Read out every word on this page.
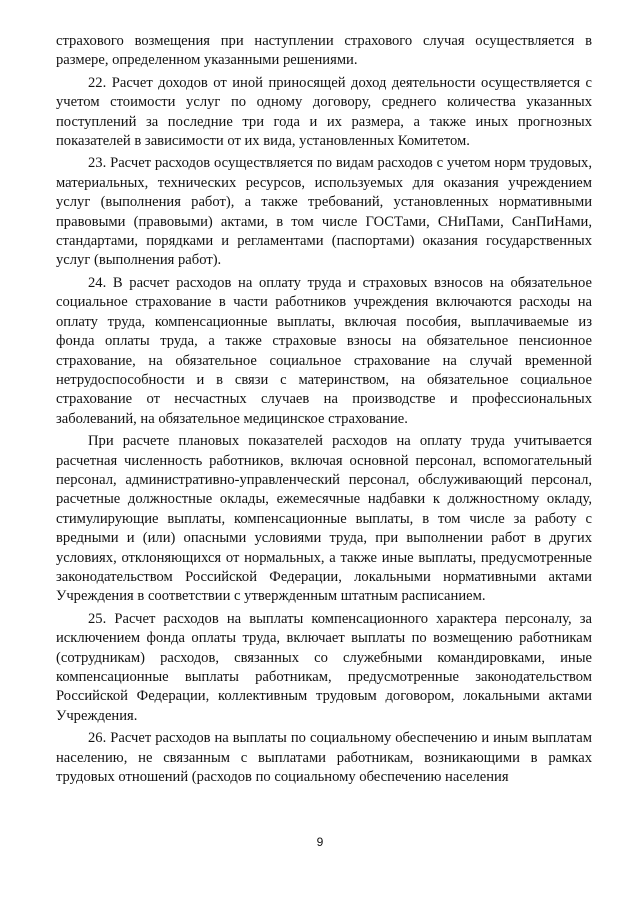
страхового возмещения при наступлении страхового случая осуществляется в размере, определенном указанными решениями.

22. Расчет доходов от иной приносящей доход деятельности осуществляется с учетом стоимости услуг по одному договору, среднего количества указанных поступлений за последние три года и их размера, а также иных прогнозных показателей в зависимости от их вида, установленных Комитетом.

23. Расчет расходов осуществляется по видам расходов с учетом норм трудовых, материальных, технических ресурсов, используемых для оказания учреждением услуг (выполнения работ), а также требований, установленных нормативными правовыми (правовыми) актами, в том числе ГОСТами, СНиПами, СанПиНами, стандартами, порядками и регламентами (паспортами) оказания государственных услуг (выполнения работ).

24. В расчет расходов на оплату труда и страховых взносов на обязательное социальное страхование в части работников учреждения включаются расходы на оплату труда, компенсационные выплаты, включая пособия, выплачиваемые из фонда оплаты труда, а также страховые взносы на обязательное пенсионное страхование, на обязательное социальное страхование на случай временной нетрудоспособности и в связи с материнством, на обязательное социальное страхование от несчастных случаев на производстве и профессиональных заболеваний, на обязательное медицинское страхование.

При расчете плановых показателей расходов на оплату труда учитывается расчетная численность работников, включая основной персонал, вспомогательный персонал, административно-управленческий персонал, обслуживающий персонал, расчетные должностные оклады, ежемесячные надбавки к должностному окладу, стимулирующие выплаты, компенсационные выплаты, в том числе за работу с вредными и (или) опасными условиями труда, при выполнении работ в других условиях, отклоняющихся от нормальных, а также иные выплаты, предусмотренные законодательством Российской Федерации, локальными нормативными актами Учреждения в соответствии с утвержденным штатным расписанием.

25. Расчет расходов на выплаты компенсационного характера персоналу, за исключением фонда оплаты труда, включает выплаты по возмещению работникам (сотрудникам) расходов, связанных со служебными командировками, иные компенсационные выплаты работникам, предусмотренные законодательством Российской Федерации, коллективным трудовым договором, локальными актами Учреждения.

26. Расчет расходов на выплаты по социальному обеспечению и иным выплатам населению, не связанным с выплатами работникам, возникающими в рамках трудовых отношений (расходов по социальному обеспечению населения

9
